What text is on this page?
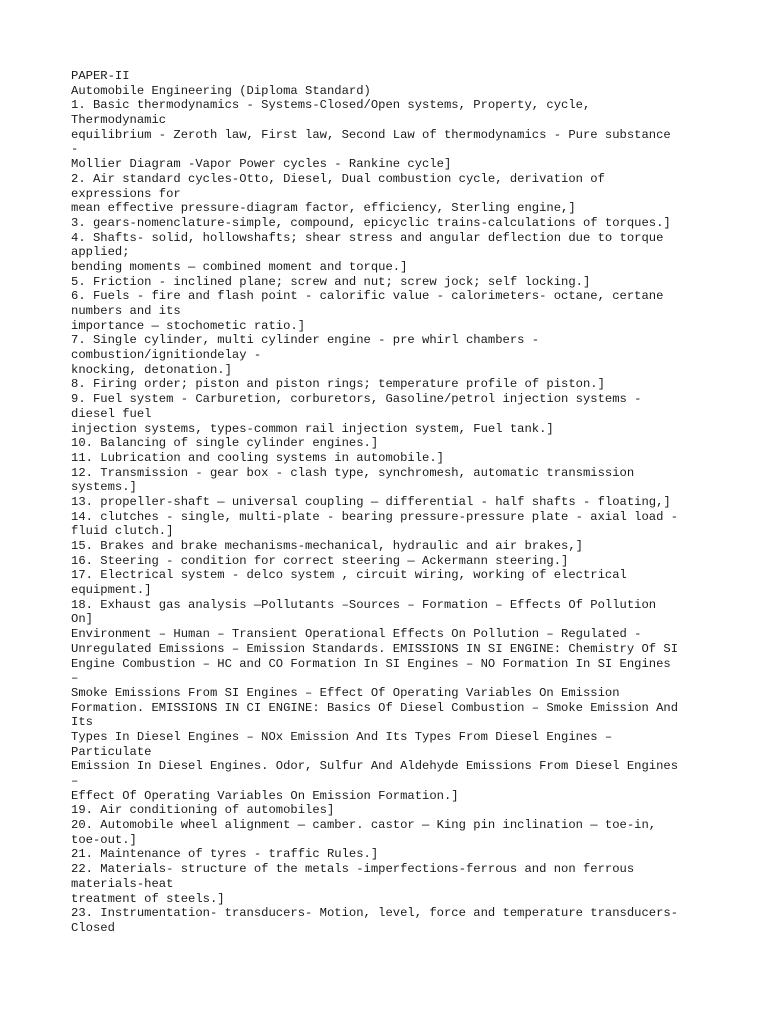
PAPER-II
Automobile Engineering (Diploma Standard)
1. Basic thermodynamics - Systems-Closed/Open systems, Property, cycle,
Thermodynamic
equilibrium - Zeroth law, First law, Second Law of thermodynamics - Pure substance
-
Mollier Diagram -Vapor Power cycles - Rankine cycle]
2. Air standard cycles-Otto, Diesel, Dual combustion cycle, derivation of
expressions for
mean effective pressure-diagram factor, efficiency, Sterling engine,]
3. gears-nomenclature-simple, compound, epicyclic trains-calculations of torques.]
4. Shafts- solid, hollowshafts; shear stress and angular deflection due to torque
applied;
bending moments — combined moment and torque.]
5. Friction - inclined plane; screw and nut; screw jock; self locking.]
6. Fuels - fire and flash point - calorific value - calorimeters- octane, certane
numbers and its
importance — stochometic ratio.]
7. Single cylinder, multi cylinder engine - pre whirl chambers -
combustion/ignitiondelay -
knocking, detonation.]
8. Firing order; piston and piston rings; temperature profile of piston.]
9. Fuel system - Carburetion, corburetors, Gasoline/petrol injection systems -
diesel fuel
injection systems, types-common rail injection system, Fuel tank.]
10. Balancing of single cylinder engines.]
11. Lubrication and cooling systems in automobile.]
12. Transmission - gear box - clash type, synchromesh, automatic transmission
systems.]
13. propeller-shaft — universal coupling — differential - half shafts - floating,]
14. clutches - single, multi-plate - bearing pressure-pressure plate - axial load -
fluid clutch.]
15. Brakes and brake mechanisms-mechanical, hydraulic and air brakes,]
16. Steering - condition for correct steering — Ackermann steering.]
17. Electrical system - delco system , circuit wiring, working of electrical
equipment.]
18. Exhaust gas analysis —Pollutants –Sources – Formation – Effects Of Pollution
On]
Environment – Human – Transient Operational Effects On Pollution – Regulated -
Unregulated Emissions – Emission Standards. EMISSIONS IN SI ENGINE: Chemistry Of SI
Engine Combustion – HC and CO Formation In SI Engines – NO Formation In SI Engines
–
Smoke Emissions From SI Engines – Effect Of Operating Variables On Emission
Formation. EMISSIONS IN CI ENGINE: Basics Of Diesel Combustion – Smoke Emission And
Its
Types In Diesel Engines – NOx Emission And Its Types From Diesel Engines –
Particulate
Emission In Diesel Engines. Odor, Sulfur And Aldehyde Emissions From Diesel Engines
–
Effect Of Operating Variables On Emission Formation.]
19. Air conditioning of automobiles]
20. Automobile wheel alignment — camber. castor — King pin inclination — toe-in,
toe-out.]
21. Maintenance of tyres - traffic Rules.]
22. Materials- structure of the metals -imperfections-ferrous and non ferrous
materials-heat
treatment of steels.]
23. Instrumentation- transducers- Motion, level, force and temperature transducers-
Closed
